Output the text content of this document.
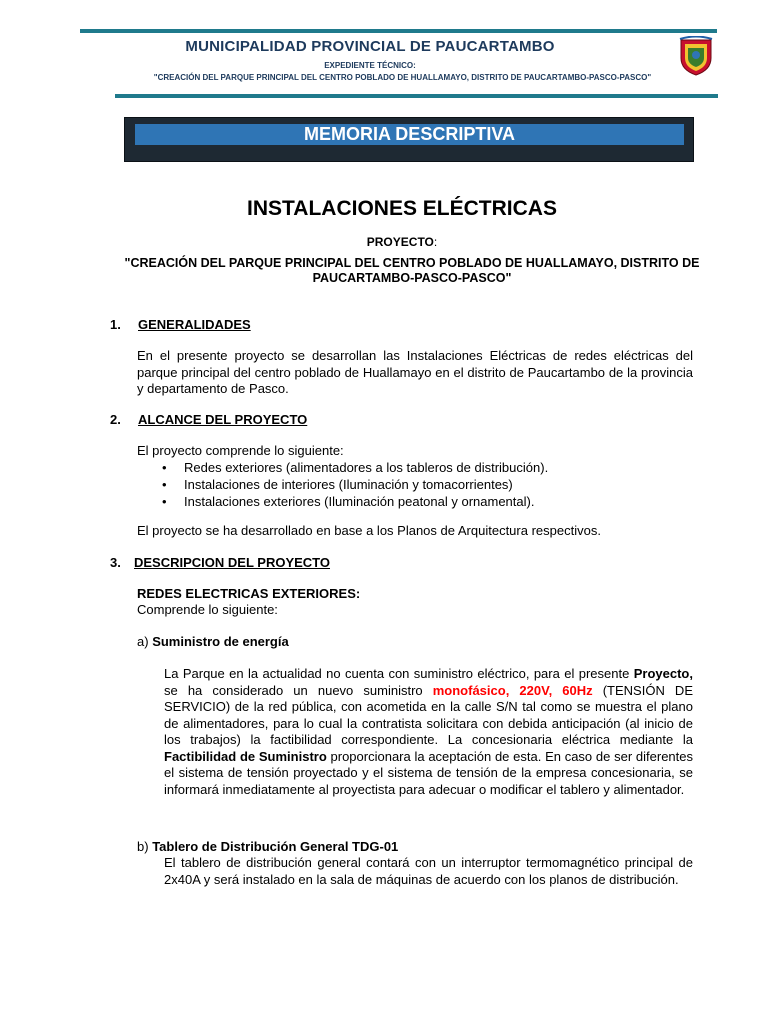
MUNICIPALIDAD PROVINCIAL DE PAUCARTAMBO
EXPEDIENTE TÉCNICO:
"CREACIÓN DEL PARQUE PRINCIPAL DEL CENTRO POBLADO DE HUALLAMAYO, DISTRITO DE PAUCARTAMBO-PASCO-PASCO"
MEMORIA DESCRIPTIVA
INSTALACIONES ELÉCTRICAS
PROYECTO:
"CREACIÓN DEL PARQUE PRINCIPAL DEL CENTRO POBLADO DE HUALLAMAYO, DISTRITO DE PAUCARTAMBO-PASCO-PASCO"
1. GENERALIDADES
En el presente proyecto se desarrollan las Instalaciones Eléctricas de redes eléctricas del parque principal del centro poblado de Huallamayo en el distrito de Paucartambo de la provincia y departamento de Pasco.
2. ALCANCE DEL PROYECTO
El proyecto comprende lo siguiente:
• Redes exteriores (alimentadores a los tableros de distribución).
• Instalaciones de interiores (Iluminación y tomacorrientes)
• Instalaciones exteriores (Iluminación peatonal y ornamental).
El proyecto se ha desarrollado en base a los Planos de Arquitectura respectivos.
3. DESCRIPCION DEL PROYECTO
REDES ELECTRICAS EXTERIORES:
Comprende lo siguiente:
a) Suministro de energía
La Parque en la actualidad no cuenta con suministro eléctrico, para el presente Proyecto, se ha considerado un nuevo suministro monofásico, 220V, 60Hz (TENSIÓN DE SERVICIO) de la red pública, con acometida en la calle S/N tal como se muestra el plano de alimentadores, para lo cual la contratista solicitara con debida anticipación (al inicio de los trabajos) la factibilidad correspondiente. La concesionaria eléctrica mediante la Factibilidad de Suministro proporcionara la aceptación de esta. En caso de ser diferentes el sistema de tensión proyectado y el sistema de tensión de la empresa concesionaria, se informará inmediatamente al proyectista para adecuar o modificar el tablero y alimentador.
b) Tablero de Distribución General TDG-01
El tablero de distribución general contará con un interruptor termomagnético principal de 2x40A y será instalado en la sala de máquinas de acuerdo con los planos de distribución.
